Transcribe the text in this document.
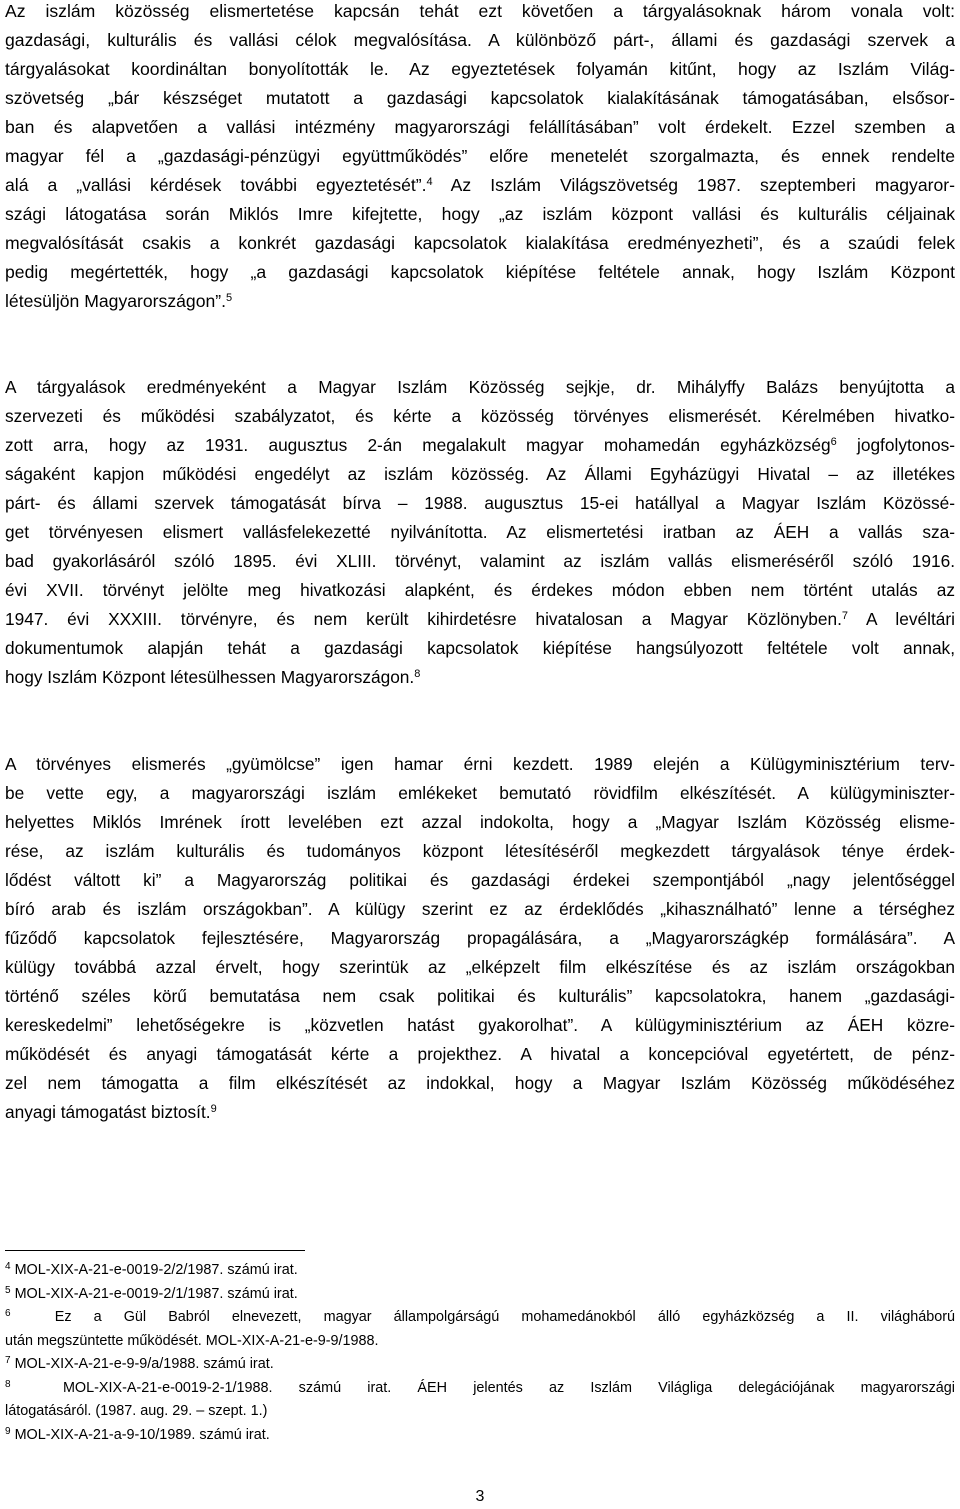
Az iszlám közösség elismertetése kapcsán tehát ezt követően a tárgyalásoknak három vonala volt:
gazdasági, kulturális és vallási célok megvalósítása. A különböző párt-, állami és gazdasági szervek a
tárgyalásokat koordináltan bonyolították le. Az egyeztetések folyamán kitűnt, hogy az Iszlám Világ-
szövetség „bár készséget mutatott a gazdasági kapcsolatok kialakításának támogatásában, elsősor-
ban és alapvetően a vallási intézmény magyarországi felállításában” volt érdekelt. Ezzel szemben a
magyar fél a „gazdasági-pénzügyi együttműködés” előre menetelét szorgalmazta, és ennek rendelte
alá a „vallási kérdések további egyeztetését”.$^4$ Az Iszlám Világszövetség 1987. szeptemberi magyaror-
szági látogatása során Miklós Imre kifejtette, hogy „az iszlám központ vallási és kulturális céljainak
megvalósítását csakis a konkrét gazdasági kapcsolatok kialakítása eredményezheti”, és a szaúdi felek
pedig megértették, hogy „a gazdasági kapcsolatok kiépítése feltétele annak, hogy Iszlám Központ
létesüljön Magyarországon”.$^5$
A tárgyalások eredményeként a Magyar Iszlám Közösség sejkje, dr. Mihályffy Balázs benyújtotta a
szervezeti és működési szabályzatot, és kérte a közösség törvényes elismerését. Kérelmében hivatko-
zott arra, hogy az 1931. augusztus 2-án megalakult magyar mohamedán egyházközség$^6$ jogfolytonos-
ságaként kapjon működési engedélyt az iszlám közösség. Az Állami Egyházügyi Hivatal – az illetékes
párt- és állami szervek támogatását bírva – 1988. augusztus 15-ei hatállyal a Magyar Iszlám Közössé-
get törvényesen elismert vallásfelekezetté nyilvánította. Az elismertetési iratban az ÁEH a vallás sza-
bad gyakorlásáról szóló 1895. évi XLIII. törvényt, valamint az iszlám vallás elismeréséről szóló 1916.
évi XVII. törvényt jelölte meg hivatkozási alapként, és érdekes módon ebben nem történt utalás az
1947. évi XXXIII. törvényre, és nem került kihirdetésre hivatalosan a Magyar Közlönyben.$^7$ A levéltári
dokumentumok alapján tehát a gazdasági kapcsolatok kiépítése hangsúlyozott feltétele volt annak,
hogy Iszlám Központ létesülhessen Magyarországon.$^8$
A törvényes elismerés „gyümölcse” igen hamar érni kezdett. 1989 elején a Külügyminisztérium terv-
be vette egy, a magyarországi iszlám emlékeket bemutató rövidfilm elkészítését. A külügyminiszter-
helyettes Miklós Imrének írott levelében ezt azzal indokolta, hogy a „Magyar Iszlám Közösség elisme-
rése, az iszlám kulturális és tudományos központ létesítéséről megkezdett tárgyalások ténye érdek-
lődést váltott ki” a Magyarország politikai és gazdasági érdekei szempontjából „nagy jelentőséggel
bíró arab és iszlám országokban”. A külügy szerint ez az érdeklődés „kihasználható” lenne a térséghez
fűződő kapcsolatok fejlesztésére, Magyarország propagálására, a „Magyarországkép formálására”. A
külügy továbbá azzal érvelt, hogy szerintük az „elképzelt film elkészítése és az iszlám országokban
történő széles körű bemutatása nem csak politikai és kulturális” kapcsolatokra, hanem „gazdasági-
kereskedelmi” lehetőségekre is „közvetlen hatást gyakorolhat”. A külügyminisztérium az ÁEH közre-
működését és anyagi támogatását kérte a projekthez. A hivatal a koncepcióval egyetértett, de pénz-
zel nem támogatta a film elkészítését az indokkal, hogy a Magyar Iszlám Közösség működéséhez
anyagi támogatást biztosít.$^9$
$^4$ MOL-XIX-A-21-e-0019-2/2/1987. számú irat.
$^5$ MOL-XIX-A-21-e-0019-2/1/1987. számú irat.
$^6$	Ez a Gül Babról elnevezett, magyar állampolgárságú mohamedánokból álló egyházközség a II. világháború
után megszüntette működését. MOL-XIX-A-21-e-9-9/1988.
$^7$ MOL-XIX-A-21-e-9-9/a/1988. számú irat.
$^8$	MOL-XIX-A-21-e-0019-2-1/1988. számú irat. ÁEH jelentés az Iszlám Világliga delegációjának magyarországi
látogatásáról. (1987. aug. 29. – szept. 1.)
$^9$ MOL-XIX-A-21-a-9-10/1989. számú irat.
3
